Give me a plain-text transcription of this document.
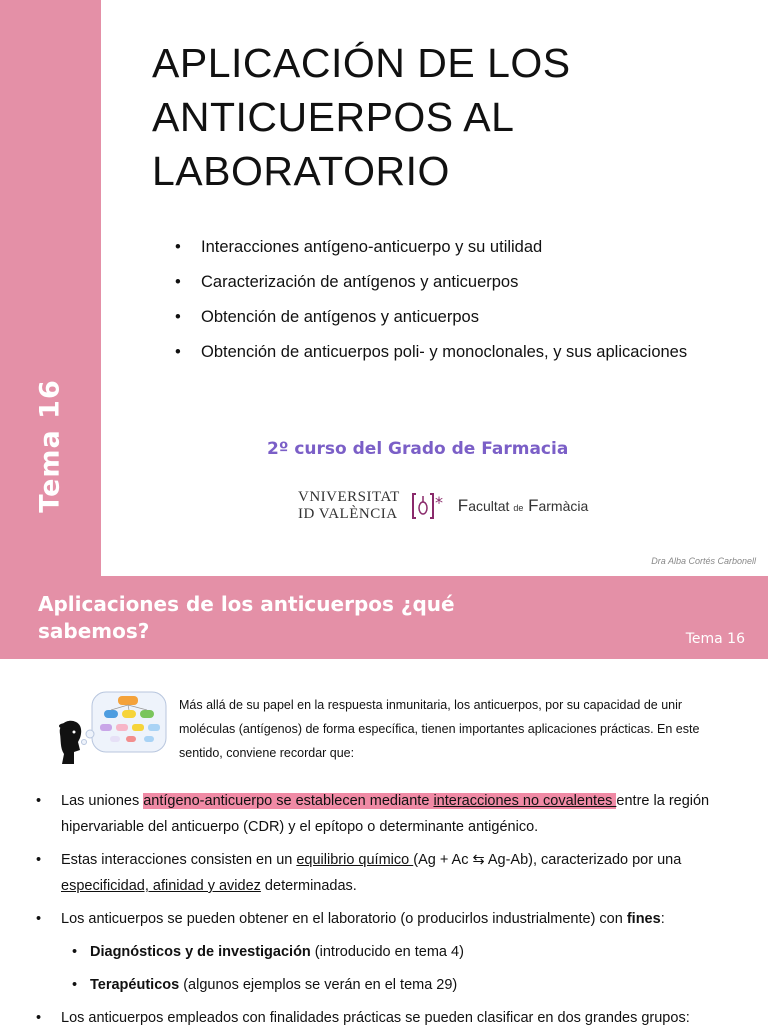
Tema 16
APLICACIÓN DE LOS ANTICUERPOS AL LABORATORIO
• Interacciones antígeno-anticuerpo y su utilidad
• Caracterización de antígenos y anticuerpos
• Obtención de antígenos y anticuerpos
• Obtención de anticuerpos poli- y monoclonales, y sus aplicaciones
2º curso del Grado de Farmacia
VNIVERSITAT
ID VALÈNCIA
* Facultat de Farmàcia
Dra Alba Cortés Carbonell
Aplicaciones de los anticuerpos ¿qué sabemos?	Tema 16
Más allá de su papel en la respuesta inmunitaria, los anticuerpos, por su capacidad de unir moléculas (antígenos) de forma específica, tienen importantes aplicaciones prácticas. En este sentido, conviene recordar que:
• Las uniones antígeno-anticuerpo se establecen mediante interacciones no covalentes entre la región hipervariable del anticuerpo (CDR) y el epítopo o determinante antigénico.
• Estas interacciones consisten en un equilibrio químico (Ag + Ac ⇆ Ag-Ab), caracterizado por una especificidad, afinidad y avidez determinadas.
• Los anticuerpos se pueden obtener en el laboratorio (o producirlos industrialmente) con fines:
• Diagnósticos y de investigación (introducido en tema 4)
• Terapéuticos (algunos ejemplos se verán en el tema 29)
• Los anticuerpos empleados con finalidades prácticas se pueden clasificar en dos grandes grupos:
